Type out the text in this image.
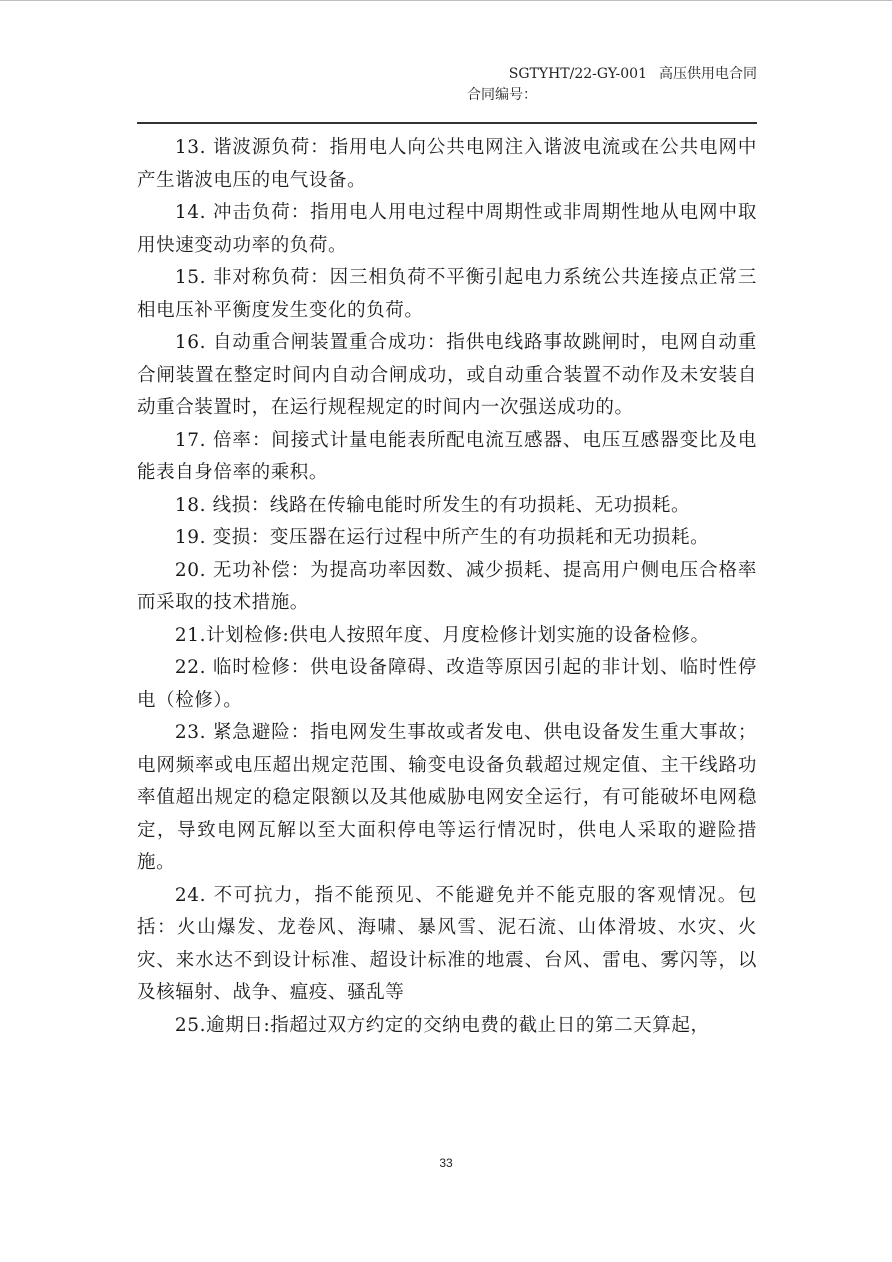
SGTYHT/22-GY-001 高压供用电合同
合同编号：

13. 谐波源负荷：指用电人向公共电网注入谐波电流或在公共电网中产生谐波电压的电气设备。

14. 冲击负荷：指用电人用电过程中周期性或非周期性地从电网中取用快速变动功率的负荷。

15. 非对称负荷：因三相负荷不平衡引起电力系统公共连接点正常三相电压补平衡度发生变化的负荷。

16. 自动重合闸装置重合成功：指供电线路事故跳闸时，电网自动重合闸装置在整定时间内自动合闸成功，或自动重合装置不动作及未安装自动重合装置时，在运行规程规定的时间内一次强送成功的。

17. 倍率：间接式计量电能表所配电流互感器、电压互感器变比及电能表自身倍率的乘积。

18. 线损：线路在传输电能时所发生的有功损耗、无功损耗。

19. 变损：变压器在运行过程中所产生的有功损耗和无功损耗。

20. 无功补偿：为提高功率因数、减少损耗、提高用户侧电压合格率而采取的技术措施。

21.计划检修:供电人按照年度、月度检修计划实施的设备检修。

22. 临时检修：供电设备障碍、改造等原因引起的非计划、临时性停电（检修）。

23. 紧急避险：指电网发生事故或者发电、供电设备发生重大事故；电网频率或电压超出规定范围、输变电设备负载超过规定值、主干线路功率值超出规定的稳定限额以及其他威胁电网安全运行，有可能破坏电网稳定，导致电网瓦解以至大面积停电等运行情况时，供电人采取的避险措施。

24. 不可抗力，指不能预见、不能避免并不能克服的客观情况。包括：火山爆发、龙卷风、海啸、暴风雪、泥石流、山体滑坡、水灾、火灾、来水达不到设计标准、超设计标准的地震、台风、雷电、雾闪等，以及核辐射、战争、瘟疫、骚乱等

25.逾期日:指超过双方约定的交纳电费的截止日的第二天算起，

33
